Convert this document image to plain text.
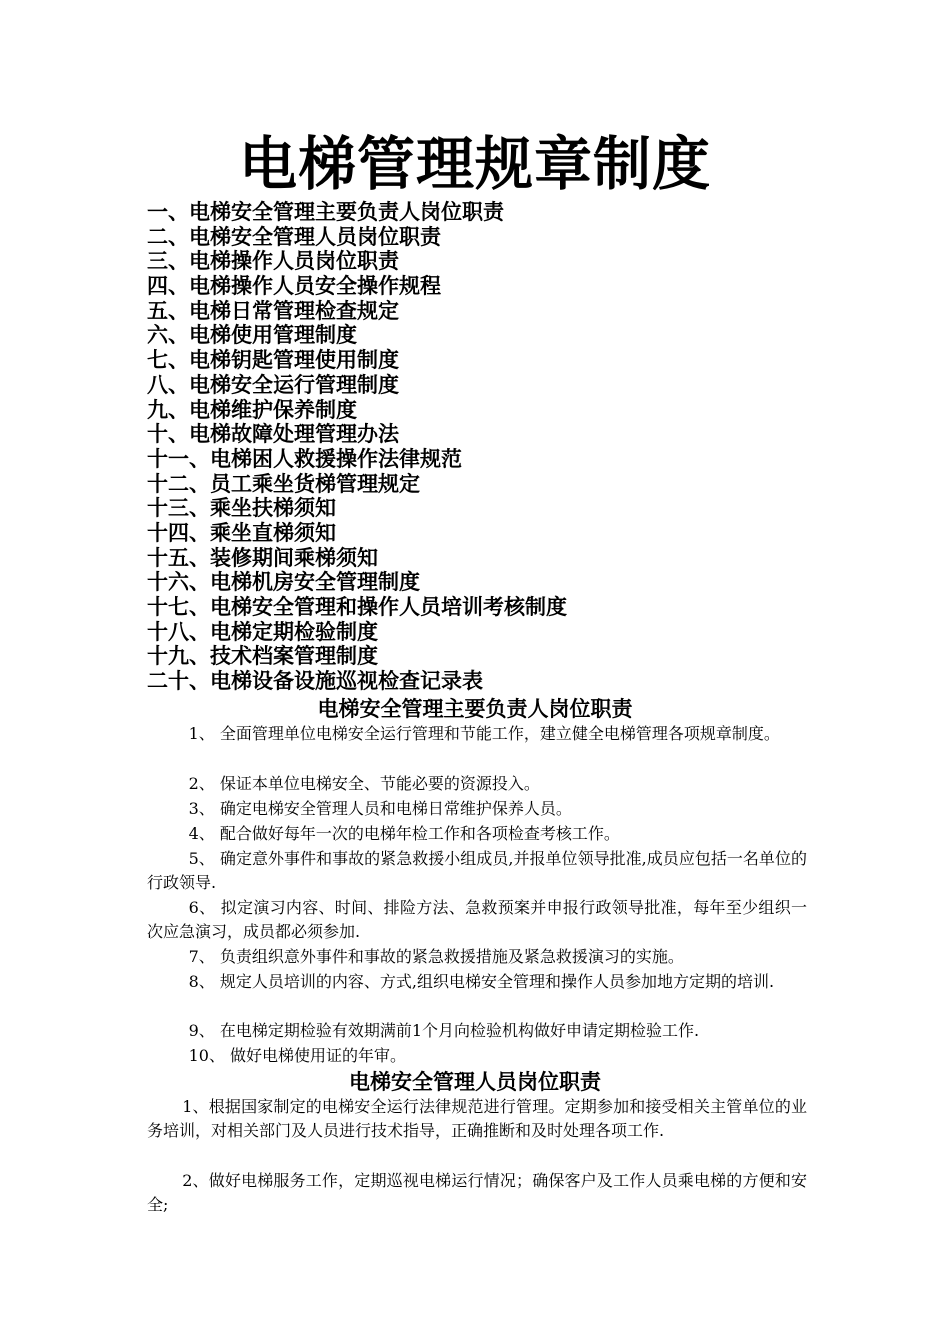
电梯管理规章制度
一、电梯安全管理主要负责人岗位职责
二、电梯安全管理人员岗位职责
三、电梯操作人员岗位职责
四、电梯操作人员安全操作规程
五、电梯日常管理检查规定
六、电梯使用管理制度
七、电梯钥匙管理使用制度
八、电梯安全运行管理制度
九、电梯维护保养制度
十、电梯故障处理管理办法
十一、电梯困人救援操作法律规范
十二、员工乘坐货梯管理规定
十三、乘坐扶梯须知
十四、乘坐直梯须知
十五、装修期间乘梯须知
十六、电梯机房安全管理制度
十七、电梯安全管理和操作人员培训考核制度
十八、电梯定期检验制度
十九、技术档案管理制度
二十、电梯设备设施巡视检查记录表
电梯安全管理主要负责人岗位职责
1、 全面管理单位电梯安全运行管理和节能工作，建立健全电梯管理各项规章制度。
2、 保证本单位电梯安全、节能必要的资源投入。
3、 确定电梯安全管理人员和电梯日常维护保养人员。
4、 配合做好每年一次的电梯年检工作和各项检查考核工作。
5、 确定意外事件和事故的紧急救援小组成员,并报单位领导批准,成员应包括一名单位的行政领导.
6、 拟定演习内容、时间、排险方法、急救预案并申报行政领导批准，每年至少组织一次应急演习，成员都必须参加.
7、 负责组织意外事件和事故的紧急救援措施及紧急救援演习的实施。
8、 规定人员培训的内容、方式,组织电梯安全管理和操作人员参加地方定期的培训.
9、 在电梯定期检验有效期满前1个月向检验机构做好申请定期检验工作.
10、 做好电梯使用证的年审。
电梯安全管理人员岗位职责
1、根据国家制定的电梯安全运行法律规范进行管理。定期参加和接受相关主管单位的业务培训，对相关部门及人员进行技术指导，正确推断和及时处理各项工作.
2、做好电梯服务工作，定期巡视电梯运行情况；确保客户及工作人员乘电梯的方便和安全;
